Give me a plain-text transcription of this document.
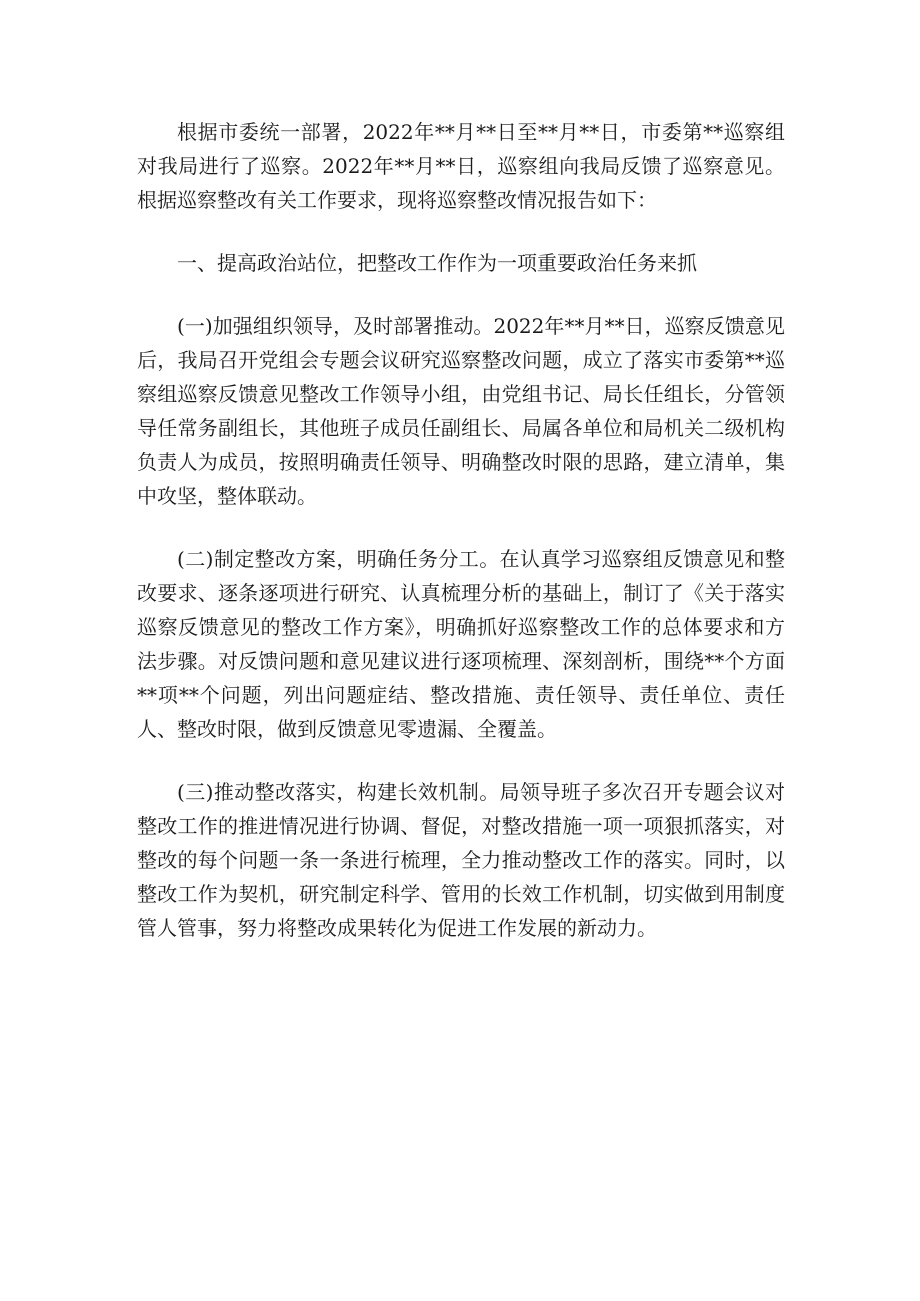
根据市委统一部署，2022年**月**日至**月**日，市委第**巡察组对我局进行了巡察。2022年**月**日，巡察组向我局反馈了巡察意见。根据巡察整改有关工作要求，现将巡察整改情况报告如下：

一、提高政治站位，把整改工作作为一项重要政治任务来抓

(一)加强组织领导，及时部署推动。2022年**月**日，巡察反馈意见后，我局召开党组会专题会议研究巡察整改问题，成立了落实市委第**巡察组巡察反馈意见整改工作领导小组，由党组书记、局长任组长，分管领导任常务副组长，其他班子成员任副组长、局属各单位和局机关二级机构负责人为成员，按照明确责任领导、明确整改时限的思路，建立清单，集中攻坚，整体联动。

(二)制定整改方案，明确任务分工。在认真学习巡察组反馈意见和整改要求、逐条逐项进行研究、认真梳理分析的基础上，制订了《关于落实巡察反馈意见的整改工作方案》，明确抓好巡察整改工作的总体要求和方法步骤。对反馈问题和意见建议进行逐项梳理、深刻剖析，围绕**个方面**项**个问题，列出问题症结、整改措施、责任领导、责任单位、责任人、整改时限，做到反馈意见零遗漏、全覆盖。

(三)推动整改落实，构建长效机制。局领导班子多次召开专题会议对整改工作的推进情况进行协调、督促，对整改措施一项一项狠抓落实，对整改的每个问题一条一条进行梳理，全力推动整改工作的落实。同时，以整改工作为契机，研究制定科学、管用的长效工作机制，切实做到用制度管人管事，努力将整改成果转化为促进工作发展的新动力。
